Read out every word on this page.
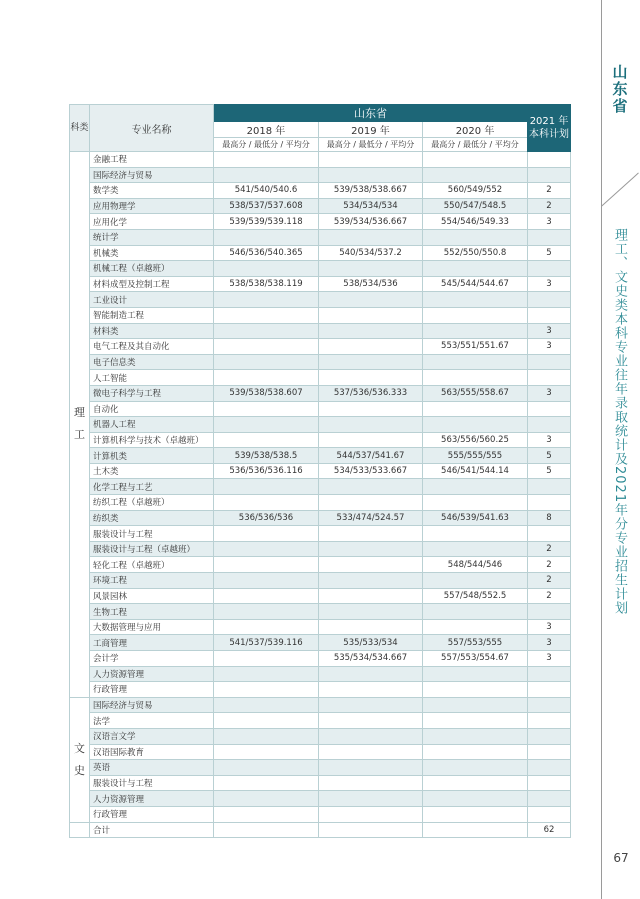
山东省
理工、文史类本科专业往年录取统计及2021年分专业招生计划
67
科类	专业名称	山东省			2021 年
本科计划

		2018 年	2019 年	2020 年	
		最高分 / 最低分 / 平均分	最高分 / 最低分 / 平均分	最高分 / 最低分 / 平均分	
理工	金融工程				
	国际经济与贸易				
	数学类	541/540/540.6	539/538/538.667	560/549/552	2
	应用物理学	538/537/537.608	534/534/534	550/547/548.5	2
	应用化学	539/539/539.118	539/534/536.667	554/546/549.33	3
	统计学				
	机械类	546/536/540.365	540/534/537.2	552/550/550.8	5
	机械工程（卓越班）				
	材料成型及控制工程	538/538/538.119	538/534/536	545/544/544.67	3
	工业设计				
	智能制造工程				
	材料类				3
	电气工程及其自动化			553/551/551.67	3
	电子信息类				
	人工智能				
	微电子科学与工程	539/538/538.607	537/536/536.333	563/555/558.67	3
	自动化				
	机器人工程				
	计算机科学与技术（卓越班）			563/556/560.25	3
	计算机类	539/538/538.5	544/537/541.67	555/555/555	5
	土木类	536/536/536.116	534/533/533.667	546/541/544.14	5
	化学工程与工艺				
	纺织工程（卓越班）				
	纺织类	536/536/536	533/474/524.57	546/539/541.63	8
	服装设计与工程				
	服装设计与工程（卓越班）				2
	轻化工程（卓越班）			548/544/546	2
	环境工程				2
	风景园林			557/548/552.5	2
	生物工程				
	大数据管理与应用				3
	工商管理	541/537/539.116	535/533/534	557/553/555	3
	会计学		535/534/534.667	557/553/554.67	3
	人力资源管理				
	行政管理				
文史	国际经济与贸易				
	法学				
	汉语言文学				
	汉语国际教育				
	英语				
	服装设计与工程				
	人力资源管理				
	行政管理				
	合计				62
